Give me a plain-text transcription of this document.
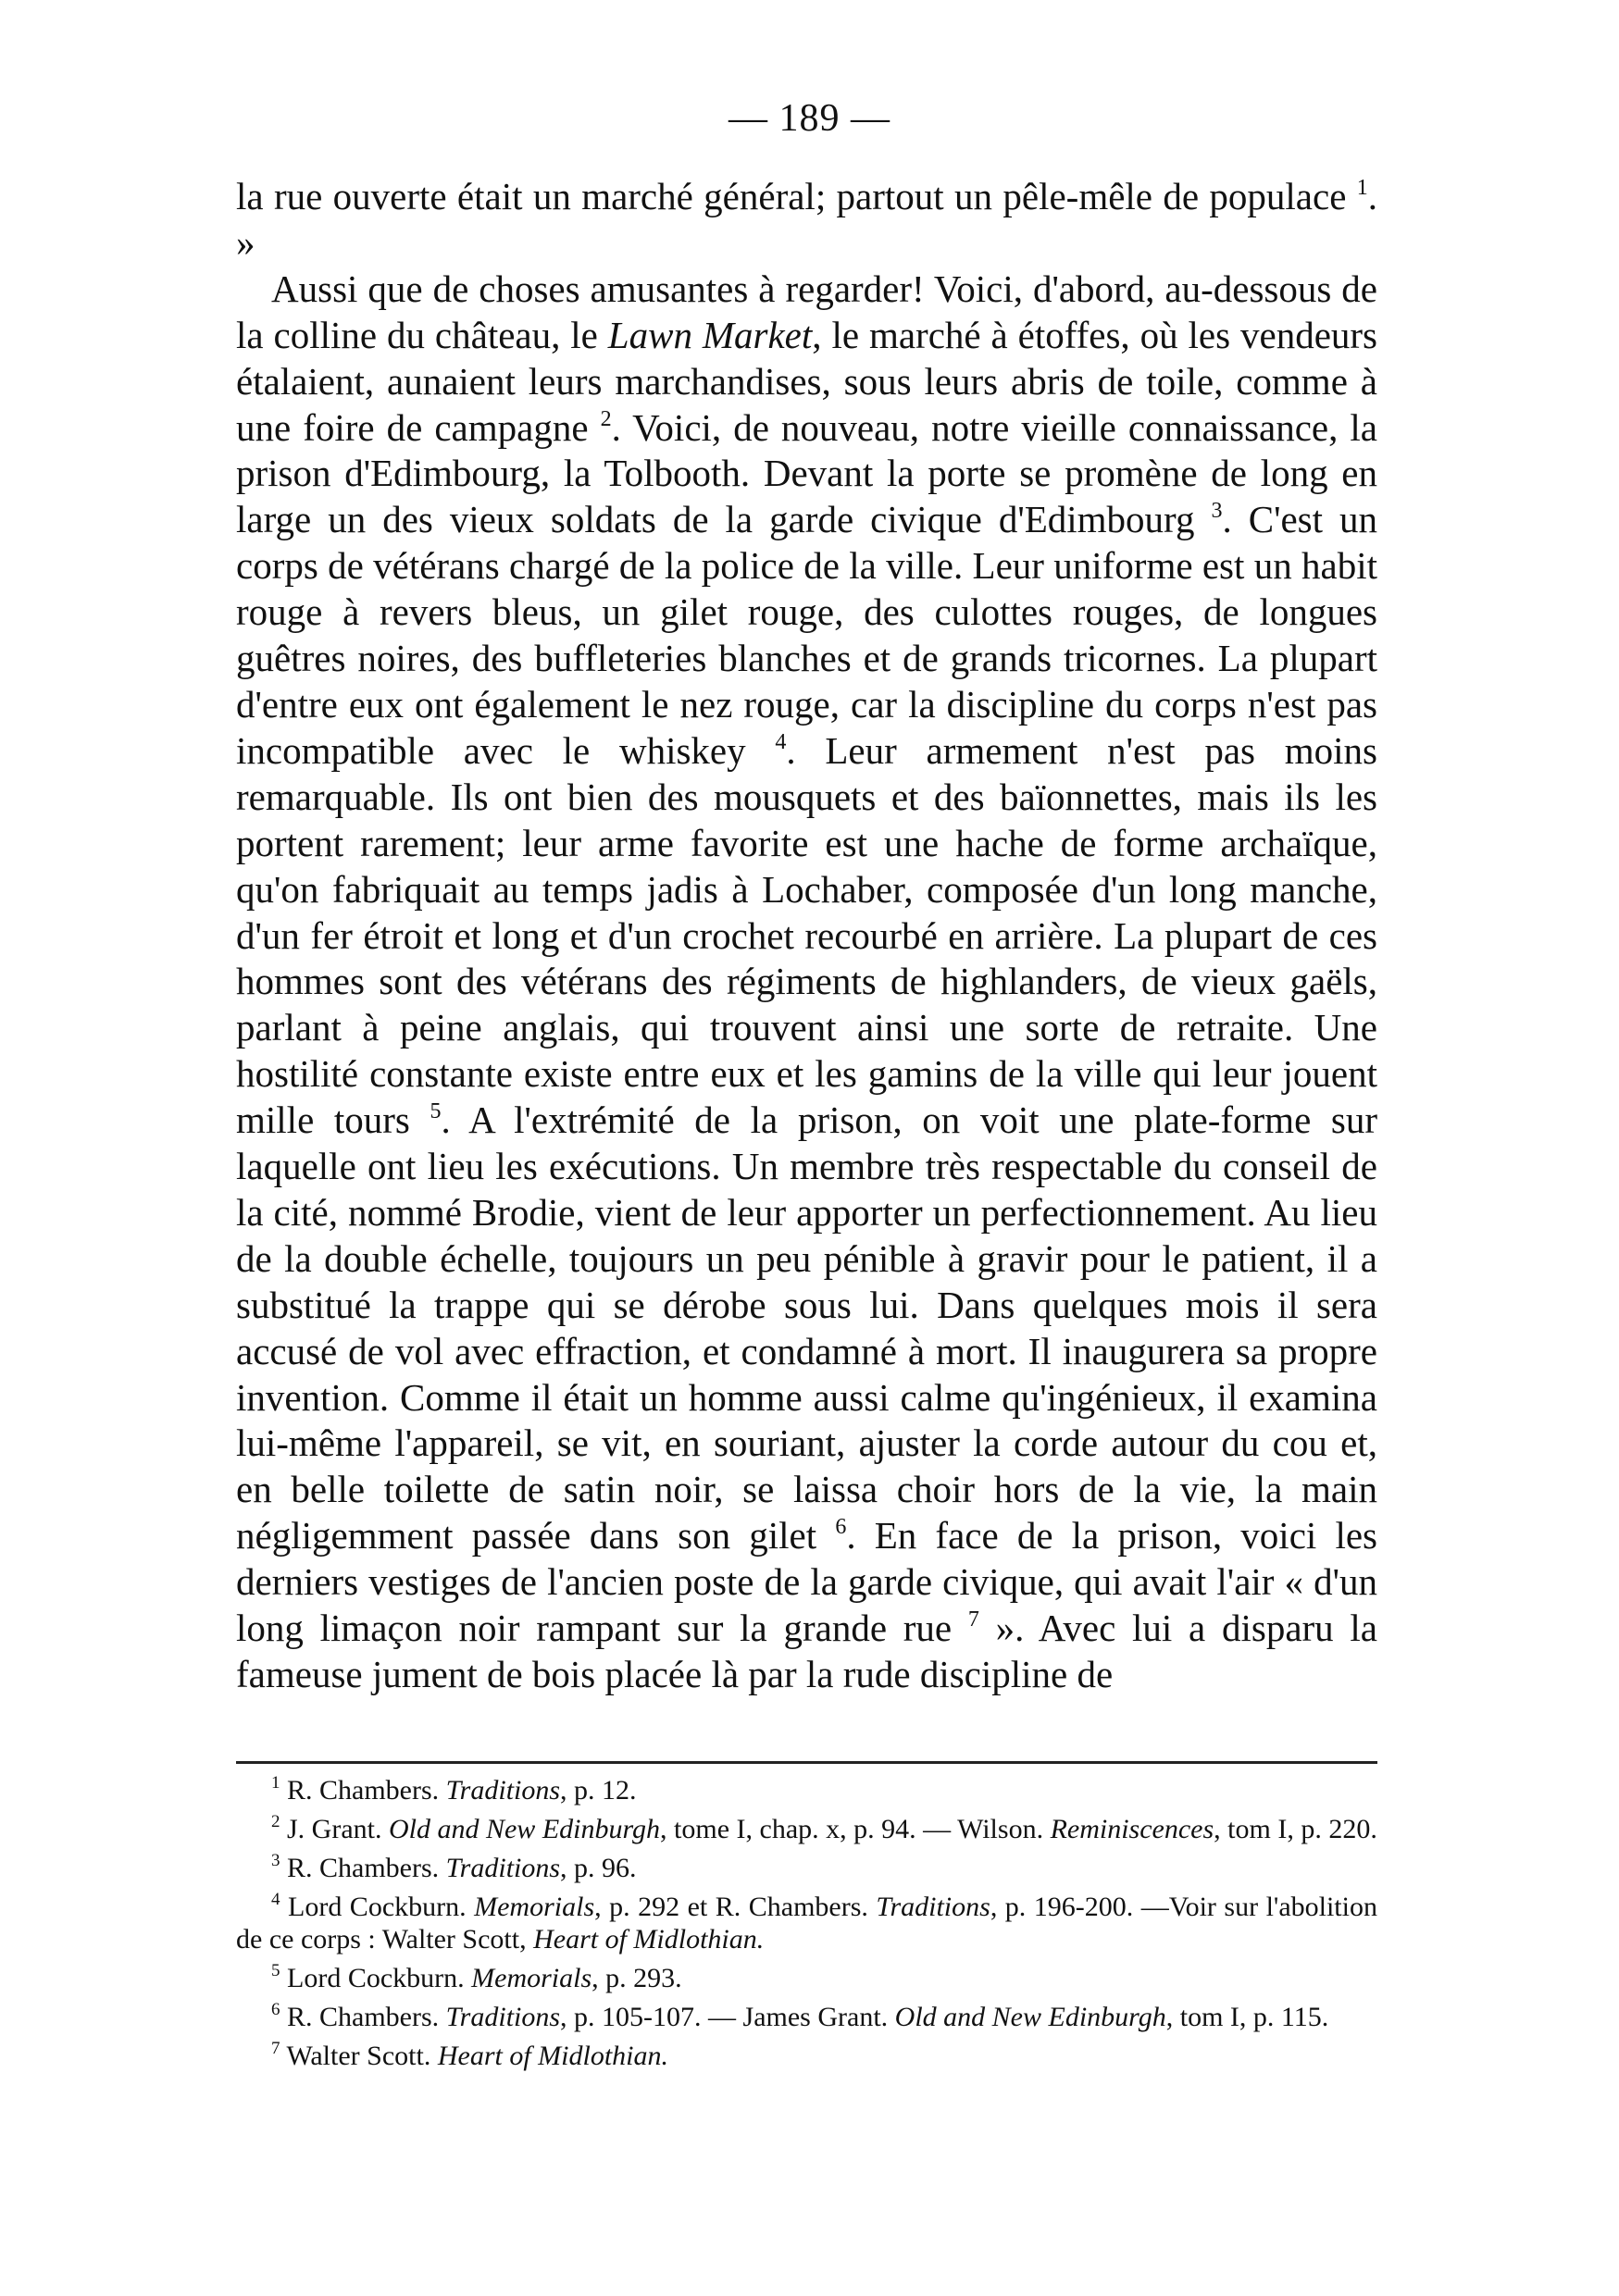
— 189 —

la rue ouverte était un marché général; partout un pêle-mêle de populace $^1$. »

Aussi que de choses amusantes à regarder! Voici, d'abord, au-dessous de la colline du château, le Lawn Market, le marché à étoffes, où les vendeurs étalaient, aunaient leurs marchandises, sous leurs abris de toile, comme à une foire de campagne $^2$. Voici, de nouveau, notre vieille connaissance, la prison d'Edimbourg, la Tolbooth. Devant la porte se promène de long en large un des vieux soldats de la garde civique d'Edimbourg $^3$. C'est un corps de vétérans chargé de la police de la ville. Leur uniforme est un habit rouge à revers bleus, un gilet rouge, des culottes rouges, de longues guêtres noires, des buffleteries blanches et de grands tricornes. La plupart d'entre eux ont également le nez rouge, car la discipline du corps n'est pas incompatible avec le whiskey $^4$. Leur armement n'est pas moins remarquable. Ils ont bien des mousquets et des baïonnettes, mais ils les portent rarement; leur arme favorite est une hache de forme archaïque, qu'on fabriquait au temps jadis à Lochaber, composée d'un long manche, d'un fer étroit et long et d'un crochet recourbé en arrière. La plupart de ces hommes sont des vétérans des régiments de highlanders, de vieux gaëls, parlant à peine anglais, qui trouvent ainsi une sorte de retraite. Une hostilité constante existe entre eux et les gamins de la ville qui leur jouent mille tours $^5$. A l'extrémité de la prison, on voit une plate-forme sur laquelle ont lieu les exécutions. Un membre très respectable du conseil de la cité, nommé Brodie, vient de leur apporter un perfectionnement. Au lieu de la double échelle, toujours un peu pénible à gravir pour le patient, il a substitué la trappe qui se dérobe sous lui. Dans quelques mois il sera accusé de vol avec effraction, et condamné à mort. Il inaugurera sa propre invention. Comme il était un homme aussi calme qu'ingénieux, il examina lui-même l'appareil, se vit, en souriant, ajuster la corde autour du cou et, en belle toilette de satin noir, se laissa choir hors de la vie, la main négligemment passée dans son gilet $^6$. En face de la prison, voici les derniers vestiges de l'ancien poste de la garde civique, qui avait l'air « d'un long limaçon noir rampant sur la grande rue $^7$ ». Avec lui a disparu la fameuse jument de bois placée là par la rude discipline de

$^1$ R. Chambers. Traditions, p. 12.
$^2$ J. Grant. Old and New Edinburgh, tome I, chap. x, p. 94. — Wilson. Reminiscences, tom I, p. 220.
$^3$ R. Chambers. Traditions, p. 96.
$^4$ Lord Cockburn. Memorials, p. 292 et R. Chambers. Traditions, p. 196-200. —Voir sur l'abolition de ce corps : Walter Scott, Heart of Midlothian.
$^5$ Lord Cockburn. Memorials, p. 293.
$^6$ R. Chambers. Traditions, p. 105-107. — James Grant. Old and New Edinburgh, tom I, p. 115.
$^7$ Walter Scott. Heart of Midlothian.
